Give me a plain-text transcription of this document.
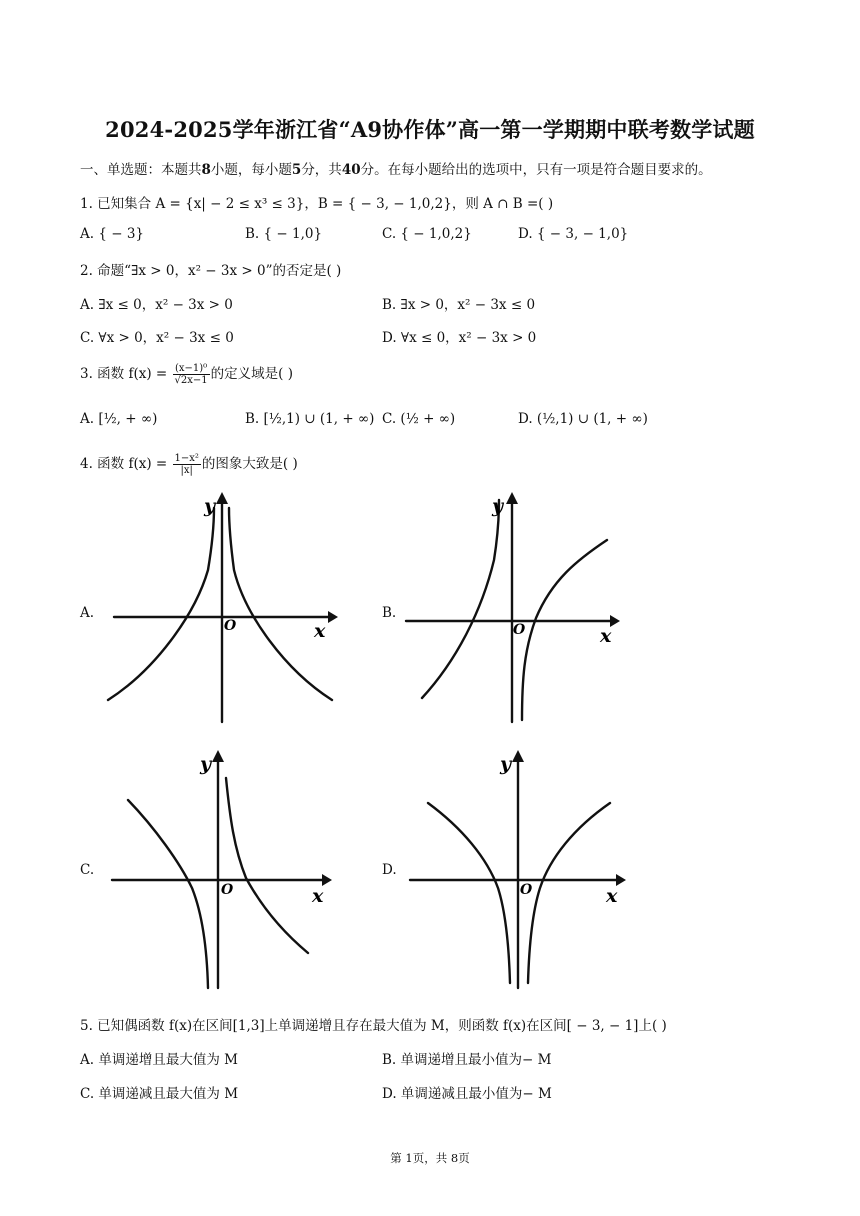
2024-2025学年浙江省“A9协作体”高一第一学期期中联考数学试题
一、单选题：本题共8小题，每小题5分，共40分。在每小题给出的选项中，只有一项是符合题目要求的。
1. 已知集合 A = {x| − 2 ≤ x³ ≤ 3}，B = { − 3, − 1,0,2}，则 A ∩ B =( )
A. { − 3}	B. { − 1,0}	C. { − 1,0,2}	D. { − 3, − 1,0}
2. 命题“∃x > 0，x² − 3x > 0”的否定是( )
A. ∃x ≤ 0，x² − 3x > 0	B. ∃x > 0，x² − 3x ≤ 0
C. ∀x > 0，x² − 3x ≤ 0	D. ∀x ≤ 0，x² − 3x > 0
3. 函数 $f(x) = \frac{\text{(x−1)⁰}}{√2x-1}$ 的定义域是( )
A. [½, + ∞)	B. [½,1) ∪ (1, + ∞) C. (½ + ∞)	D. (½,1) ∪ (1, + ∞)
4. 函数 $f(x) = \frac{\text{1−x²}}{|x|}$ 的图象大致是( )
A.	B.
C.	D.
y
x
O
y
x
O
y
x
O
y
x
O
5. 已知偶函数 f(x)在区间[1,3]上单调递增且存在最大值为 M，则函数 f(x)在区间[ − 3, − 1]上( )
A. 单调递增且最大值为 M	B. 单调递增且最小值为− M
C. 单调递减且最大值为 M	D. 单调递减且最小值为− M
第 1页，共 8页
